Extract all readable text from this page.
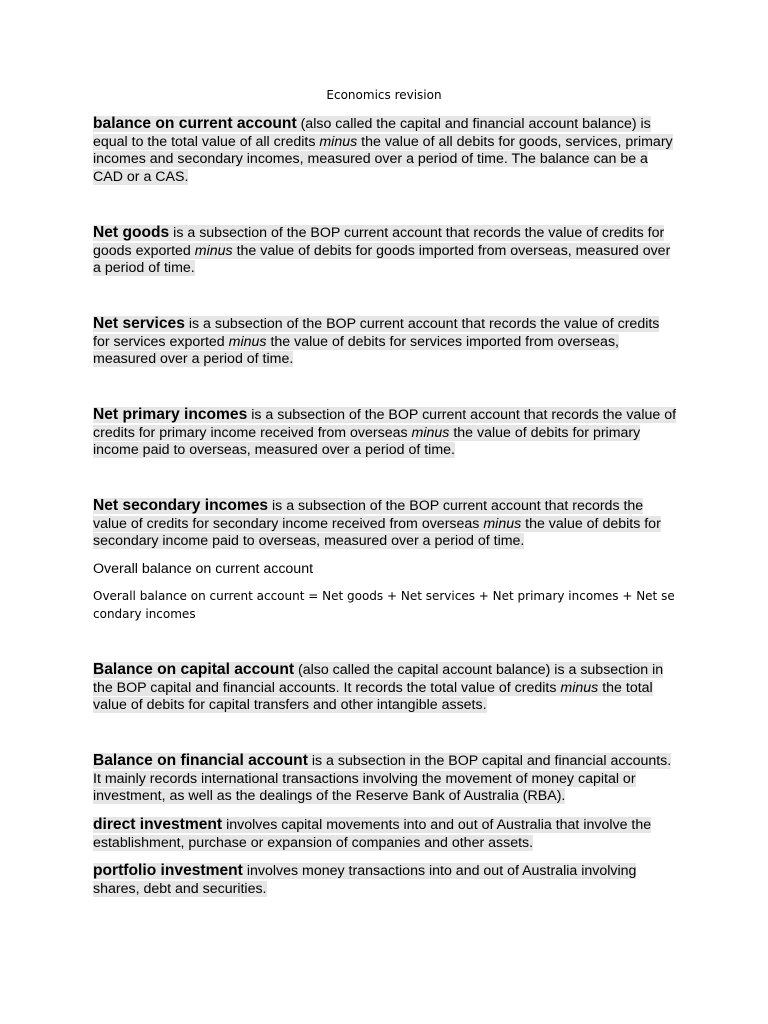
Economics revision
balance on current account (also called the capital and financial account balance) is equal to the total value of all credits minus the value of all debits for goods, services, primary incomes and secondary incomes, measured over a period of time. The balance can be a CAD or a CAS.
Net goods is a subsection of the BOP current account that records the value of credits for goods exported minus the value of debits for goods imported from overseas, measured over a period of time.
Net services is a subsection of the BOP current account that records the value of credits for services exported minus the value of debits for services imported from overseas, measured over a period of time.
Net primary incomes is a subsection of the BOP current account that records the value of credits for primary income received from overseas minus the value of debits for primary income paid to overseas, measured over a period of time.
Net secondary incomes is a subsection of the BOP current account that records the value of credits for secondary income received from overseas minus the value of debits for secondary income paid to overseas, measured over a period of time.
Overall balance on current account
Overall balance on current account = Net goods + Net services + Net primary incomes + Net secondary incomes
Balance on capital account (also called the capital account balance) is a subsection in the BOP capital and financial accounts. It records the total value of credits minus the total value of debits for capital transfers and other intangible assets.
Balance on financial account is a subsection in the BOP capital and financial accounts. It mainly records international transactions involving the movement of money capital or investment, as well as the dealings of the Reserve Bank of Australia (RBA).
direct investment involves capital movements into and out of Australia that involve the establishment, purchase or expansion of companies and other assets.
portfolio investment involves money transactions into and out of Australia involving shares, debt and securities.
